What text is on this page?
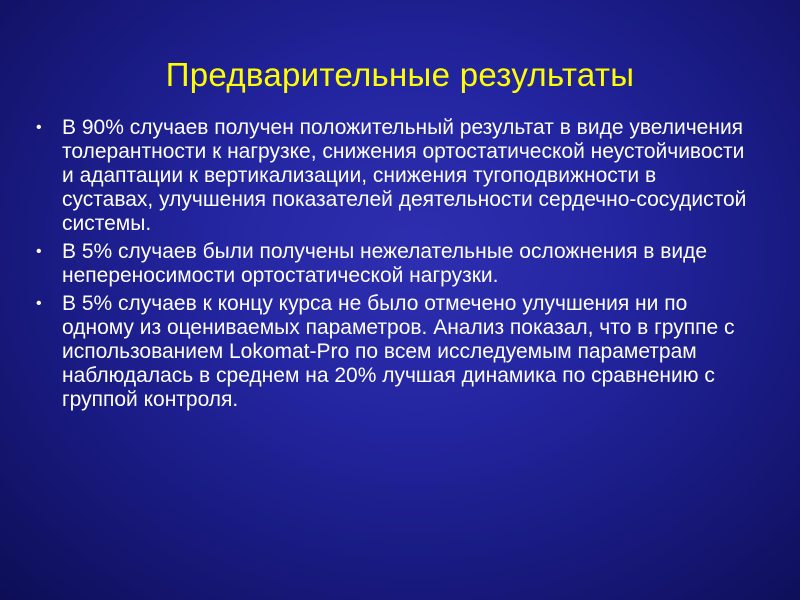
Предварительные результаты
• В 90% случаев получен положительный результат в виде увеличения толерантности к нагрузке, снижения ортостатической неустойчивости и адаптации к вертикализации, снижения тугоподвижности в суставах, улучшения показателей деятельности сердечно-сосудистой системы.
• В 5% случаев были получены нежелательные осложнения в виде непереносимости ортостатической нагрузки.
• В 5% случаев к концу курса не было отмечено улучшения ни по одному из оцениваемых параметров. Анализ показал, что в группе с использованием Lokomat-Pro по всем исследуемым параметрам наблюдалась в среднем на 20% лучшая динамика по сравнению с группой контроля.
